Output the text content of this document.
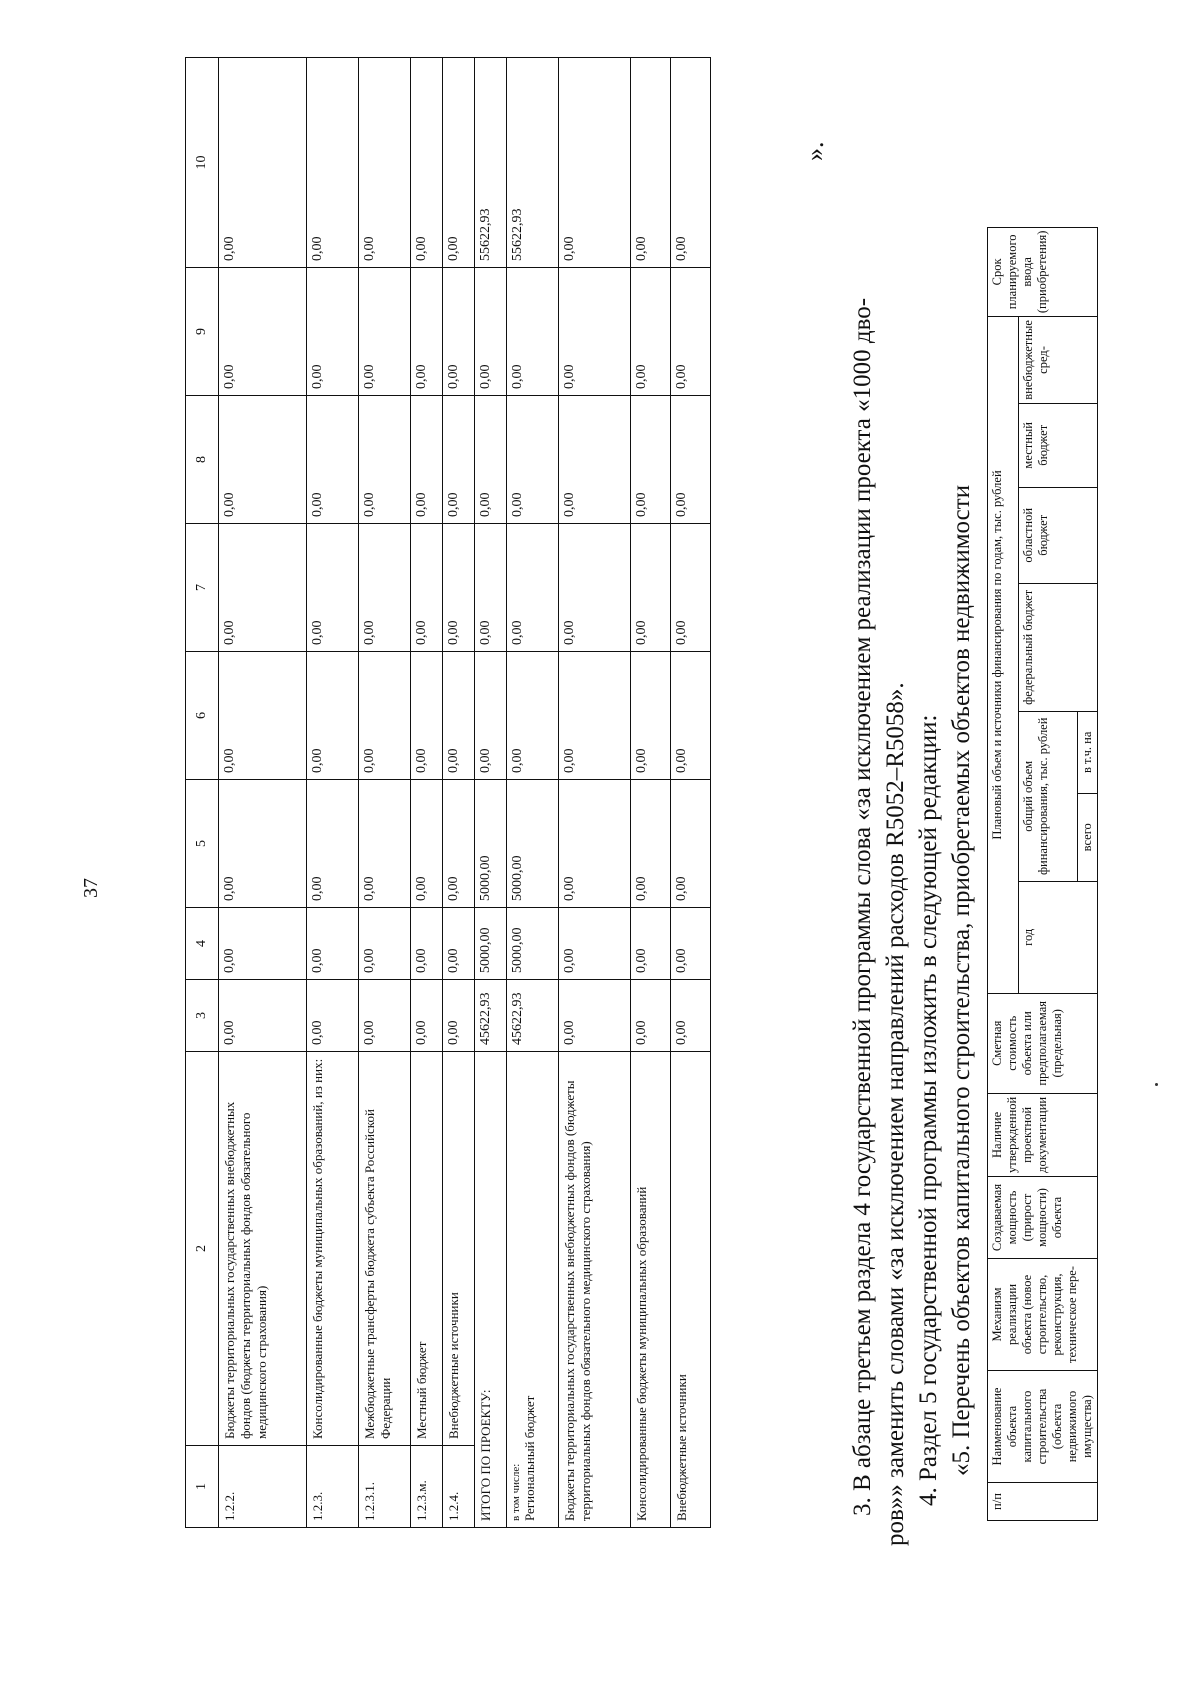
37
1	2	3	4	5	6	7	8	9	10
1.2.2.	Бюджеты территориальных государственных внебюджетных фондов (бюджеты территориальных фондов обязательного медицинского страхования)	0,00	0,00	0,00	0,00	0,00	0,00	0,00	0,00
1.2.3.	Консолидированные бюджеты муниципальных образований, из них:	0,00	0,00	0,00	0,00	0,00	0,00	0,00	0,00
1.2.3.1.	Межбюджетные трансферты бюджета субъекта Российской Федерации	0,00	0,00	0,00	0,00	0,00	0,00	0,00	0,00
1.2.3.м.	Местный бюджет	0,00	0,00	0,00	0,00	0,00	0,00	0,00	0,00
1.2.4.	Внебюджетные источники	0,00	0,00	0,00	0,00	0,00	0,00	0,00	0,00
ИТОГО ПО ПРОЕКТУ:		45622,93	5000,00	5000,00	0,00	0,00	0,00	0,00	55622,93

в том числе: Региональный бюджет		45622,93	5000,00	5000,00	0,00	0,00	0,00	0,00	55622,93
Бюджеты территориальных государственных внебюджетных фондов (бюджеты территориальных фондов обязательного медицинского страхования)		0,00	0,00	0,00	0,00	0,00	0,00	0,00	0,00
Консолидированные бюджеты муниципальных образований		0,00	0,00	0,00	0,00	0,00	0,00	0,00	0,00
Внебюджетные источники		0,00	0,00	0,00	0,00	0,00	0,00	0,00	0,00
».
3. В абзаце третьем раздела 4 государственной программы слова «за исключением реализации проекта «1000 дво- ров»» заменить словами «за исключением направлений расходов R5052–R5058». 4. Раздел 5 государственной программы изложить в следующей редакции: «5. Перечень объектов капитального строительства, приобретаемых объектов недвижимости
п/п	Наименование объекта капитального строительства (объекта недвижимого имущества)	Механизм реализации объекта (новое строительство, реконструкция, техническое пере-	Создаваемая мощность (прирост мощности) объекта	Наличие утвержденной проектной документации	Сметная стоимость объекта или предполагаемая (предельная)	Плановый объем и источники финансирования по годам, тыс. рублей							Срок планируемого ввода (приобретения)
						год	общий объем финансирования, тыс. рублей		федеральный бюджет	областной бюджет	местный бюджет	внебюджетные сред-	
							всего	в т.ч. на					
